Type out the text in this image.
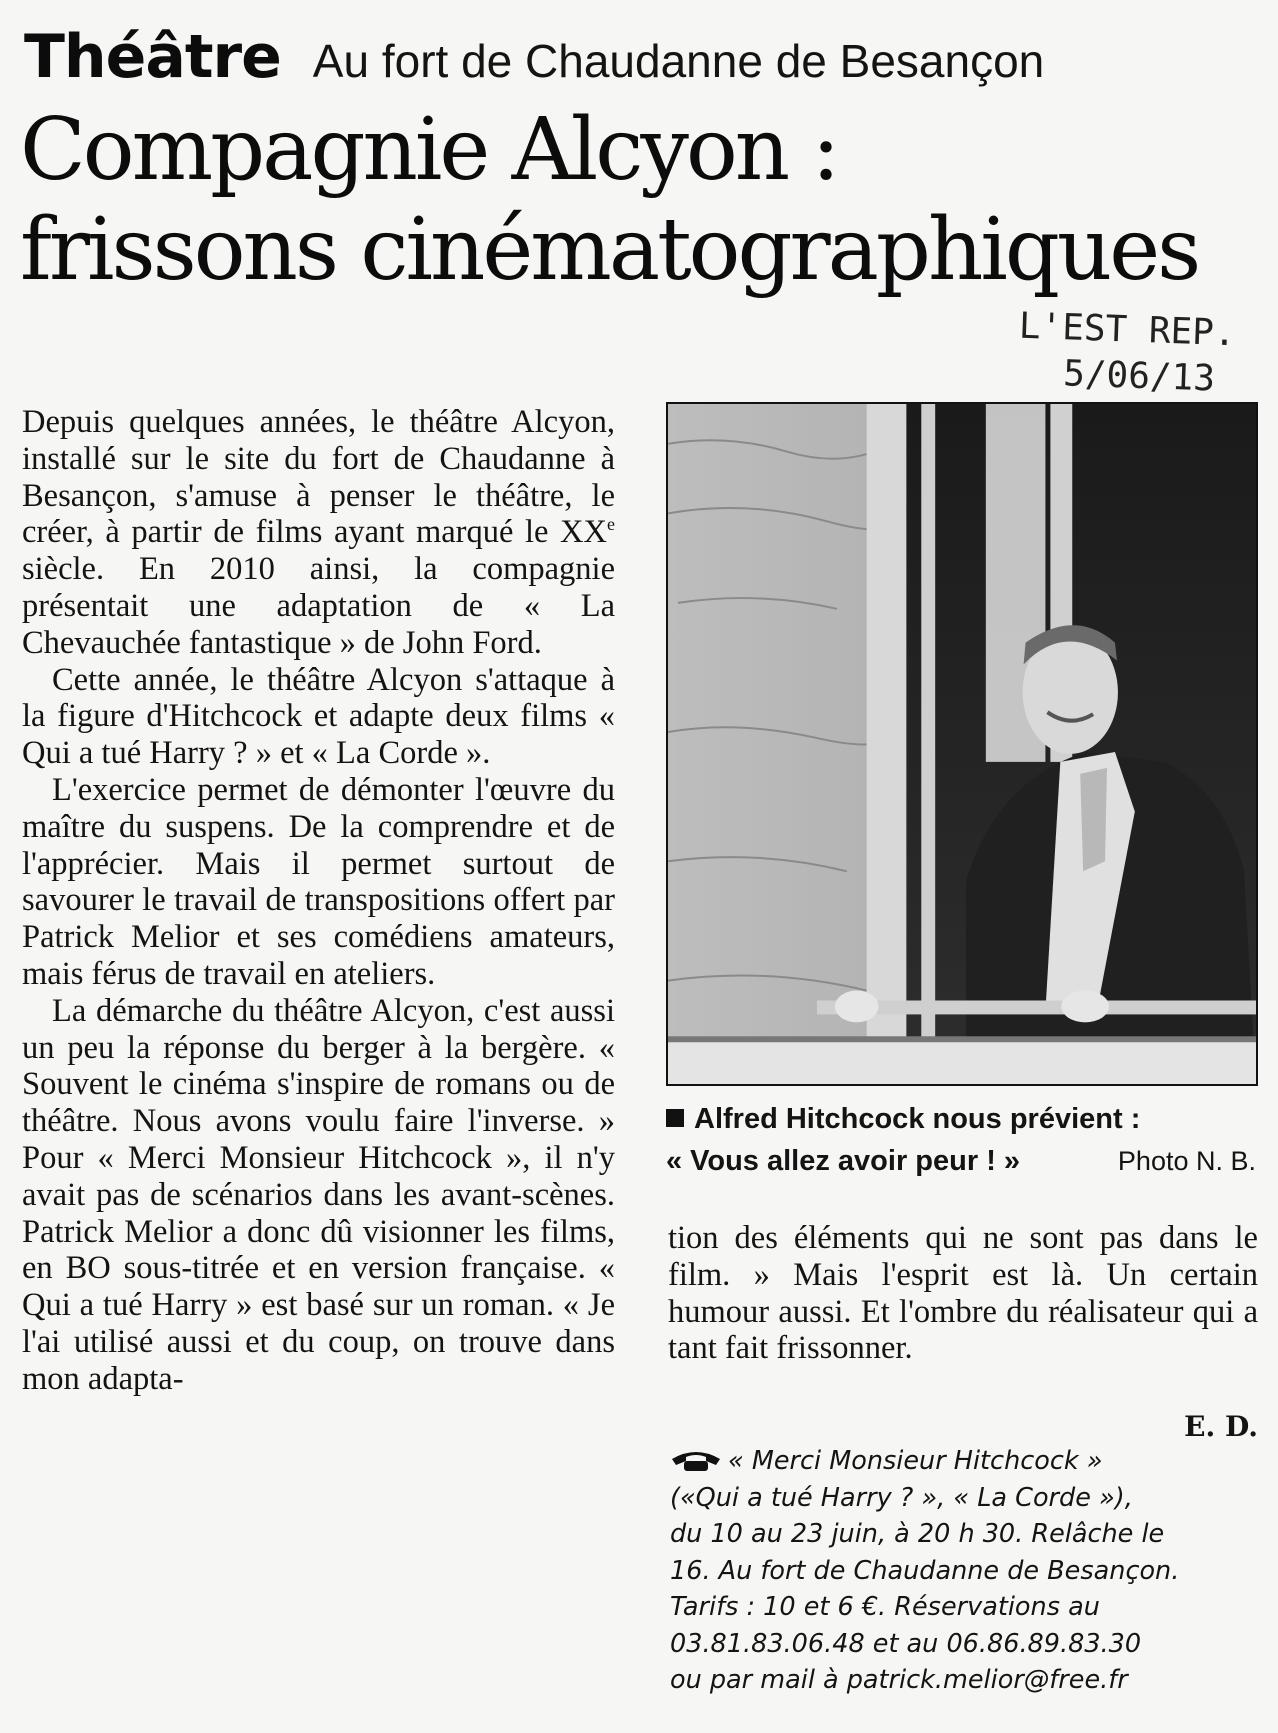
Théâtre Au fort de Chaudanne de Besançon
Compagnie Alcyon :
frissons cinématographiques
L'EST REP.
5/06/13

Depuis quelques années, le théâtre Alcyon, installé sur le site du fort de Chaudanne à Besançon, s'amuse à penser le théâtre, le créer, à partir de films ayant marqué le XXe siècle. En 2010 ainsi, la compagnie présentait une adaptation de « La Chevauchée fantastique » de John Ford.

Cette année, le théâtre Alcyon s'attaque à la figure d'Hitchcock et adapte deux films « Qui a tué Harry ? » et « La Corde ».

L'exercice permet de démonter l'œuvre du maître du suspens. De la comprendre et de l'apprécier. Mais il permet surtout de savourer le travail de transpositions offert par Patrick Melior et ses comédiens amateurs, mais férus de travail en ateliers.

La démarche du théâtre Alcyon, c'est aussi un peu la réponse du berger à la bergère. « Souvent le cinéma s'inspire de romans ou de théâtre. Nous avons voulu faire l'inverse. » Pour « Merci Monsieur Hitchcock », il n'y avait pas de scénarios dans les avant-scènes. Patrick Melior a donc dû visionner les films, en BO sous-titrée et en version française. « Qui a tué Harry » est basé sur un roman. « Je l'ai utilisé aussi et du coup, on trouve dans mon adapta-

Alfred Hitchcock nous prévient :
« Vous allez avoir peur ! »	Photo N. B.

tion des éléments qui ne sont pas dans le film. » Mais l'esprit est là. Un certain humour aussi. Et l'ombre du réalisateur qui a tant fait frissonner.

E. D.
« Merci Monsieur Hitchcock »
(«Qui a tué Harry ? », « La Corde »),
du 10 au 23 juin, à 20 h 30. Relâche le
16. Au fort de Chaudanne de Besançon.
Tarifs : 10 et 6 €. Réservations au
03.81.83.06.48 et au 06.86.89.83.30
ou par mail à patrick.melior@free.fr
